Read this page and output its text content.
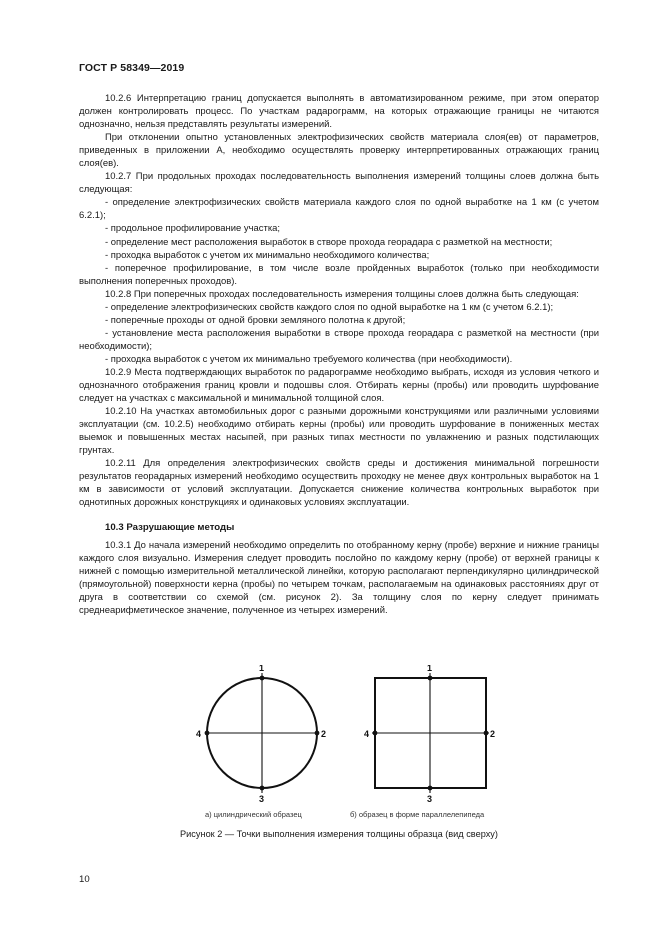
ГОСТ Р 58349—2019

10.2.6 Интерпретацию границ допускается выполнять в автоматизированном режиме, при этом оператор должен контролировать процесс. По участкам радарограмм, на которых отражающие границы не читаются однозначно, нельзя представлять результаты измерений.

При отклонении опытно установленных электрофизических свойств материала слоя(ев) от параметров, приведенных в приложении А, необходимо осуществлять проверку интерпретированных отражающих границ слоя(ев).

10.2.7 При продольных проходах последовательность выполнения измерений толщины слоев должна быть следующая:

- определение электрофизических свойств материала каждого слоя по одной выработке на 1 км (с учетом 6.2.1);

- продольное профилирование участка;

- определение мест расположения выработок в створе прохода георадара с разметкой на местности;

- проходка выработок с учетом их минимально необходимого количества;

- поперечное профилирование, в том числе возле пройденных выработок (только при необходимости выполнения поперечных проходов).

10.2.8 При поперечных проходах последовательность измерения толщины слоев должна быть следующая:

- определение электрофизических свойств каждого слоя по одной выработке на 1 км (с учетом 6.2.1);

- поперечные проходы от одной бровки земляного полотна к другой;

- установление места расположения выработки в створе прохода георадара с разметкой на местности (при необходимости);

- проходка выработок с учетом их минимально требуемого количества (при необходимости).

10.2.9 Места подтверждающих выработок по радарограмме необходимо выбрать, исходя из условия четкого и однозначного отображения границ кровли и подошвы слоя. Отбирать керны (пробы) или проводить шурфование следует на участках с максимальной и минимальной толщиной слоя.

10.2.10 На участках автомобильных дорог с разными дорожными конструкциями или различными условиями эксплуатации (см. 10.2.5) необходимо отбирать керны (пробы) или проводить шурфование в пониженных местах выемок и повышенных местах насыпей, при разных типах местности по увлажнению и разных подстилающих грунтах.

10.2.11 Для определения электрофизических свойств среды и достижения минимальной погрешности результатов георадарных измерений необходимо осуществить проходку не менее двух контрольных выработок на 1 км в зависимости от условий эксплуатации. Допускается снижение количества контрольных выработок при однотипных дорожных конструкциях и одинаковых условиях эксплуатации.

10.3 Разрушающие методы

10.3.1 До начала измерений необходимо определить по отобранному керну (пробе) верхние и нижние границы каждого слоя визуально. Измерения следует проводить послойно по каждому керну (пробе) от верхней границы к нижней с помощью измерительной металлической линейки, которую располагают перпендикулярно цилиндрической (прямоугольной) поверхности керна (пробы) по четырем точкам, располагаемым на одинаковых расстояниях друг от друга в соответствии со схемой (см. рисунок 2). За толщину слоя по керну следует принимать среднеарифметическое значение, полученное из четырех измерений.

1
2
3
4
1
2
3
4
а) цилиндрический образец	б) образец в форме параллелепипеда
Рисунок 2 — Точки выполнения измерения толщины образца (вид сверху)
10
